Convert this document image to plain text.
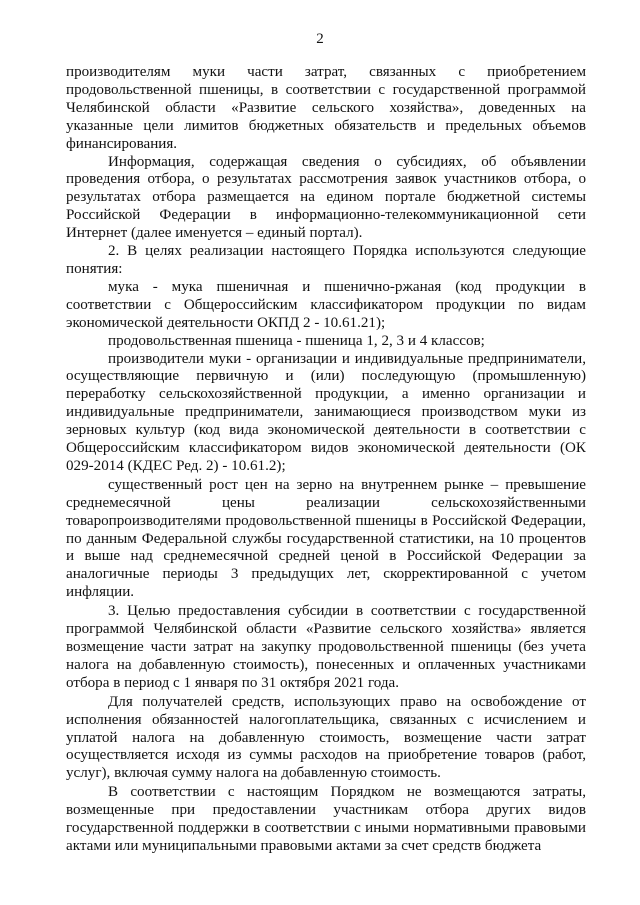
2

производителям муки части затрат, связанных с приобретением продовольственной пшеницы, в соответствии с государственной программой Челябинской области «Развитие сельского хозяйства», доведенных на указанные цели лимитов бюджетных обязательств и предельных объемов финансирования.

Информация, содержащая сведения о субсидиях, об объявлении проведения отбора, о результатах рассмотрения заявок участников отбора, о результатах отбора размещается на едином портале бюджетной системы Российской Федерации в информационно-телекоммуникационной сети Интернет (далее именуется – единый портал).

2. В целях реализации настоящего Порядка используются следующие понятия:

мука - мука пшеничная и пшенично-ржаная (код продукции в соответствии с Общероссийским классификатором продукции по видам экономической деятельности ОКПД 2 - 10.61.21);

продовольственная пшеница - пшеница 1, 2, 3 и 4 классов;

производители муки - организации и индивидуальные предприниматели, осуществляющие первичную и (или) последующую (промышленную) переработку сельскохозяйственной продукции, а именно организации и индивидуальные предприниматели, занимающиеся производством муки из зерновых культур (код вида экономической деятельности в соответствии с Общероссийским классификатором видов экономической деятельности (ОК 029-2014 (КДЕС Ред. 2) - 10.61.2);

существенный рост цен на зерно на внутреннем рынке – превышение среднемесячной цены реализации сельскохозяйственными товаропроизводителями продовольственной пшеницы в Российской Федерации, по данным Федеральной службы государственной статистики, на 10 процентов и выше над среднемесячной средней ценой в Российской Федерации за аналогичные периоды 3 предыдущих лет, скорректированной с учетом инфляции.

3. Целью предоставления субсидии в соответствии с государственной программой Челябинской области «Развитие сельского хозяйства» является возмещение части затрат на закупку продовольственной пшеницы (без учета налога на добавленную стоимость), понесенных и оплаченных участниками отбора в период с 1 января по 31 октября 2021 года.

Для получателей средств, использующих право на освобождение от исполнения обязанностей налогоплательщика, связанных с исчислением и уплатой налога на добавленную стоимость, возмещение части затрат осуществляется исходя из суммы расходов на приобретение товаров (работ, услуг), включая сумму налога на добавленную стоимость.

В соответствии с настоящим Порядком не возмещаются затраты, возмещенные при предоставлении участникам отбора других видов государственной поддержки в соответствии с иными нормативными правовыми актами или муниципальными правовыми актами за счет средств бюджета
